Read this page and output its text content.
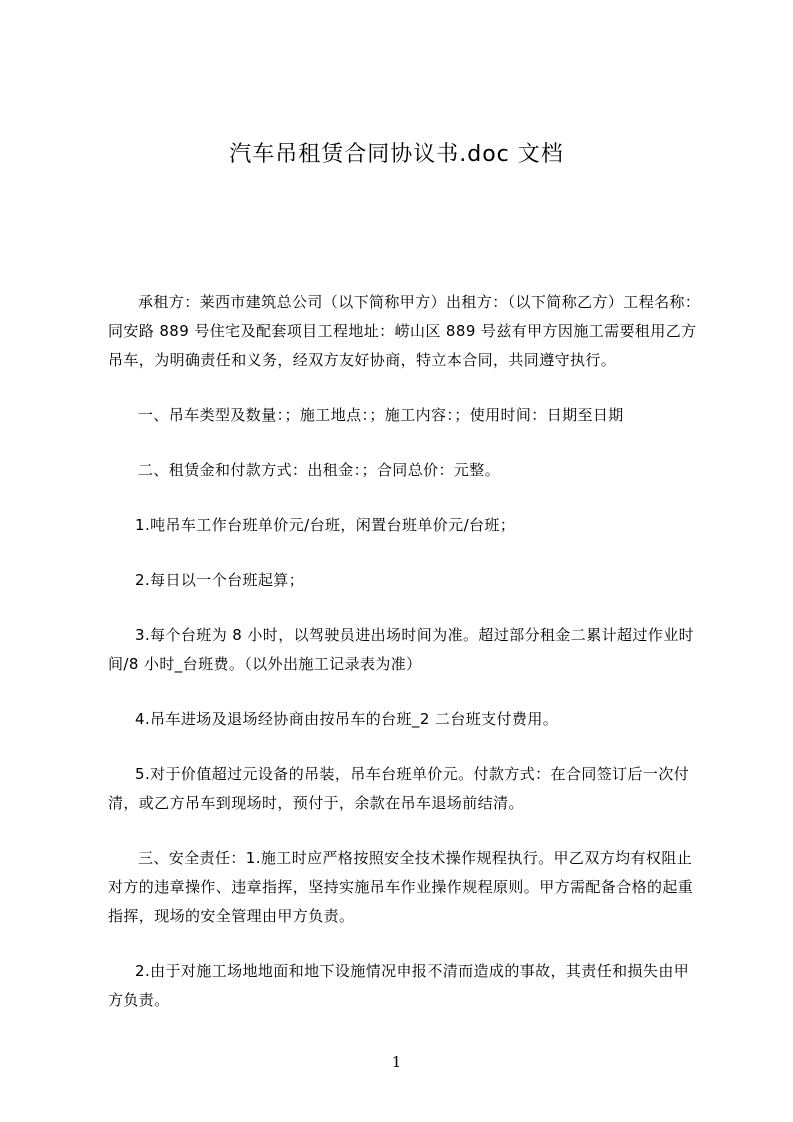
汽车吊租赁合同协议书.doc 文档

承租方：莱西市建筑总公司（以下简称甲方）出租方：（以下简称乙方）工程名称：同安路 889 号住宅及配套项目工程地址：崂山区 889 号兹有甲方因施工需要租用乙方吊车，为明确责任和义务，经双方友好协商，特立本合同，共同遵守执行。

一、吊车类型及数量：；施工地点：；施工内容：；使用时间：日期至日期

二、租赁金和付款方式：出租金：；合同总价：元整。

1.吨吊车工作台班单价元/台班，闲置台班单价元/台班；

2.每日以一个台班起算；

3.每个台班为 8 小时，以驾驶员进出场时间为准。超过部分租金二累计超过作业时间/8 小时_台班费。（以外出施工记录表为准）

4.吊车进场及退场经协商由按吊车的台班_2 二台班支付费用。

5.对于价值超过元设备的吊装，吊车台班单价元。付款方式：在合同签订后一次付清，或乙方吊车到现场时，预付于，余款在吊车退场前结清。

三、安全责任：1.施工时应严格按照安全技术操作规程执行。甲乙双方均有权阻止对方的违章操作、违章指挥，坚持实施吊车作业操作规程原则。甲方需配备合格的起重指挥，现场的安全管理由甲方负责。

2.由于对施工场地地面和地下设施情况申报不清而造成的事故，其责任和损失由甲方负责。

1
